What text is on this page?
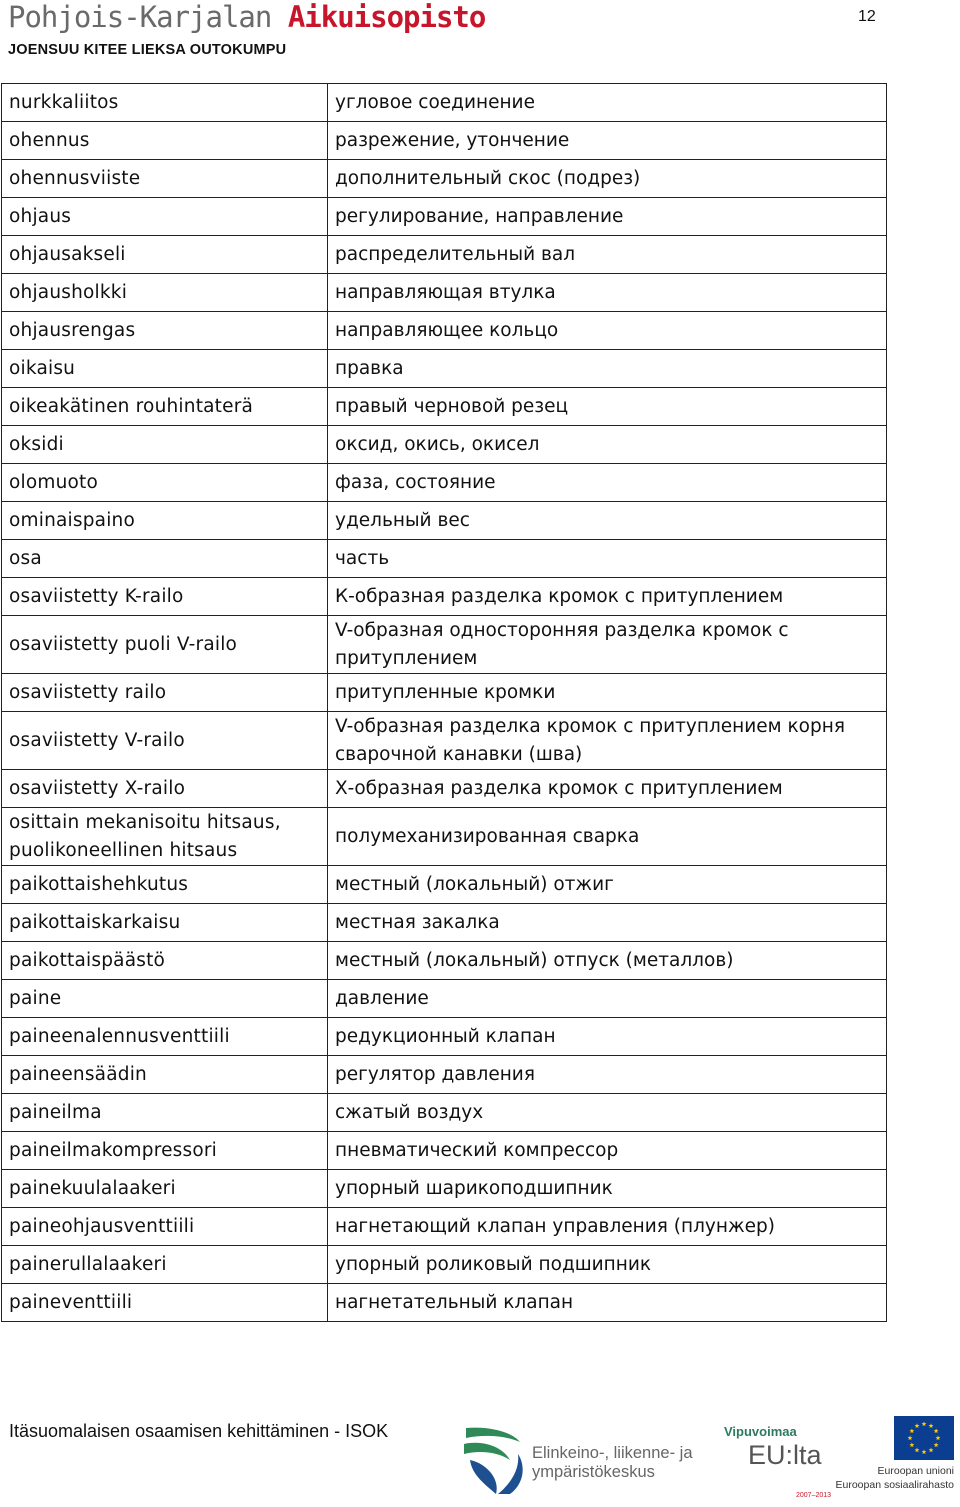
Pohjois-Karjalan Aikuisopisto
JOENSUU KITEE LIEKSA OUTOKUMPU
12
nurkkaliitos	угловое соединение
ohennus	разрежение, утончение
ohennusviiste	дополнительный скос (подрез)
ohjaus	регулирование, направление
ohjausakseli	распределительный вал
ohjausholkki	направляющая втулка
ohjausrengas	направляющее кольцо
oikaisu	правка
oikeakätinen rouhintaterä	правый черновой резец
oksidi	оксид, окись, окисел
olomuoto	фаза, состояние
ominaispaino	удельный вес
osa	часть
osaviistetty K-railo	К-образная разделка кромок с притуплением
osaviistetty puoli V-railo	V-образная односторонняя разделка кромок с притуплением
osaviistetty railo	притупленные кромки
osaviistetty V-railo	V-образная разделка кромок с притуплением корня сварочной канавки (шва)
osaviistetty X-railo	Х-образная разделка кромок с притуплением
osittain mekanisoitu hitsaus, puolikoneellinen hitsaus	полумеханизированная сварка
paikottaishehkutus	местный (локальный) отжиг
paikottaiskarkaisu	местная закалка
paikottaispäästö	местный (локальный) отпуск (металлов)
paine	давление
paineenalennusventtiili	редукционный клапан
paineensäädin	регулятор давления
paineilma	сжатый воздух
paineilmakompressori	пневматический компрессор
painekuulalaakeri	упорный шарикоподшипник
paineohjausventtiili	нагнетающий клапан управления (плунжер)
painerullalaakeri	упорный роликовый подшипник
paineventtiili	нагнетательный клапан
Itäsuomalaisen osaamisen kehittäminen - ISOK
Elinkeino-, liikenne- ja
ympäristökeskus
Vipuvoimaa
EU:lta
2007–2013
Euroopan unioni
Euroopan sosiaalirahasto
